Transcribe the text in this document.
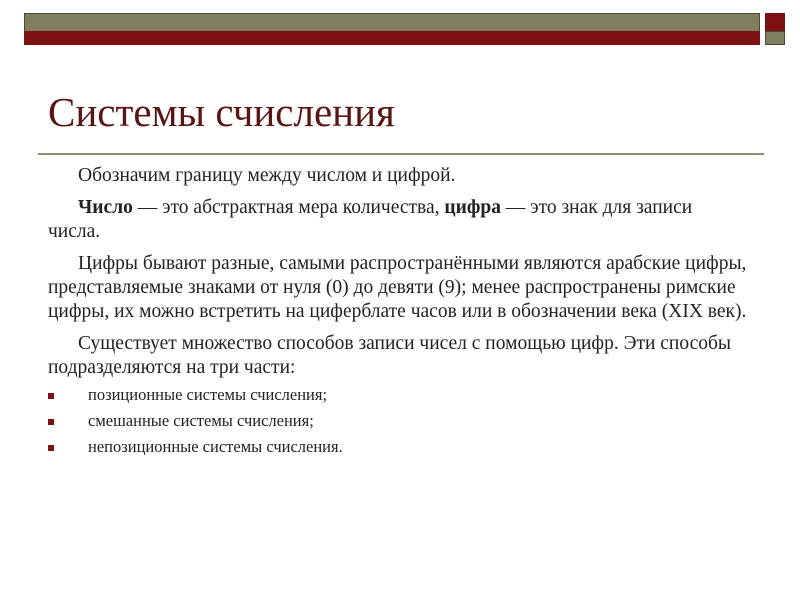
Системы счисления

Обозначим границу между числом и цифрой.

Число — это абстрактная мера количества, цифра — это знак для записи числа.

Цифры бывают разные, самыми распространёнными являются арабские цифры, представляемые знаками от нуля (0) до девяти (9); менее распространены римские цифры, их можно встретить на циферблате часов или в обозначении века (XIX век).

Существует множество способов записи чисел с помощью цифр. Эти способы подразделяются на три части:

позиционные системы счисления;
смешанные системы счисления;
непозиционные системы счисления.
